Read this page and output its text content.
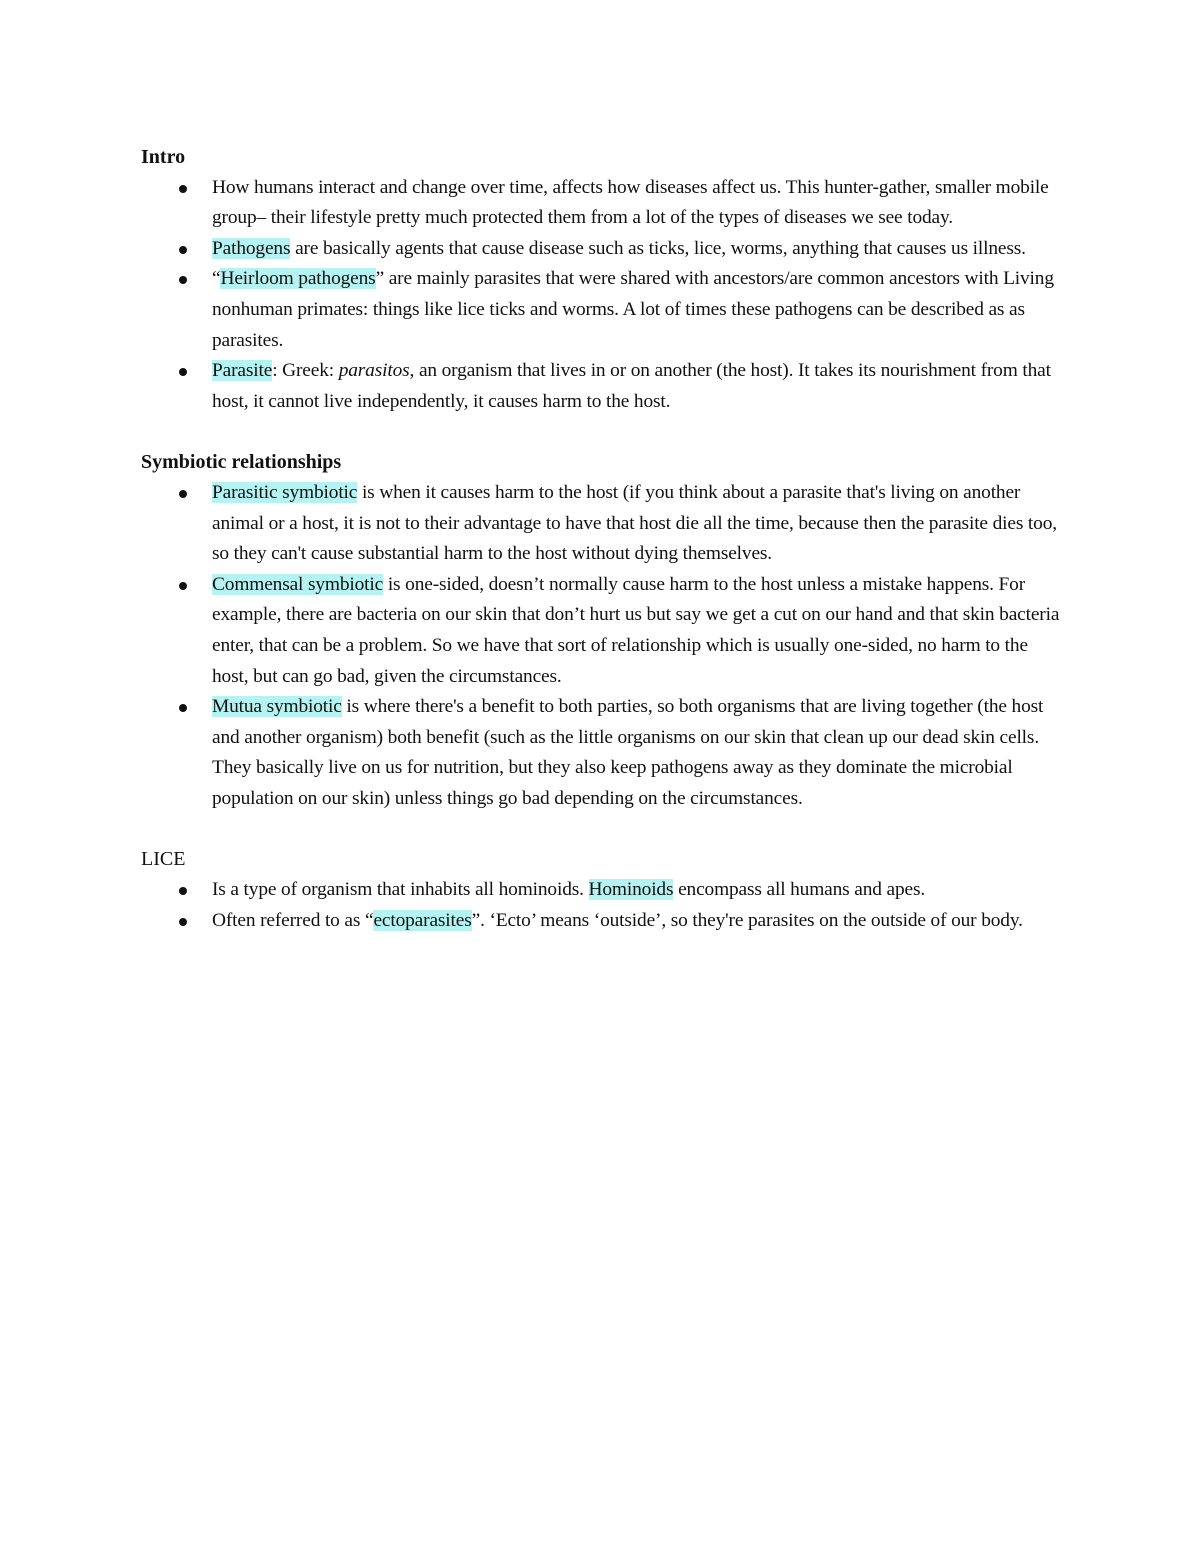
Intro

How humans interact and change over time, affects how diseases affect us. This hunter-gather, smaller mobile group– their lifestyle pretty much protected them from a lot of the types of diseases we see today.
Pathogens are basically agents that cause disease such as ticks, lice, worms, anything that causes us illness.
“Heirloom pathogens” are mainly parasites that were shared with ancestors/are common ancestors with Living nonhuman primates: things like lice ticks and worms. A lot of times these pathogens can be described as as parasites.
Parasite: Greek: parasitos, an organism that lives in or on another (the host). It takes its nourishment from that host, it cannot live independently, it causes harm to the host.

Symbiotic relationships

Parasitic symbiotic is when it causes harm to the host (if you think about a parasite that's living on another animal or a host, it is not to their advantage to have that host die all the time, because then the parasite dies too, so they can't cause substantial harm to the host without dying themselves.
Commensal symbiotic is one-sided, doesn’t normally cause harm to the host unless a mistake happens. For example, there are bacteria on our skin that don’t hurt us but say we get a cut on our hand and that skin bacteria enter, that can be a problem. So we have that sort of relationship which is usually one-sided, no harm to the host, but can go bad, given the circumstances.
Mutua symbiotic is where there's a benefit to both parties, so both organisms that are living together (the host and another organism) both benefit (such as the little organisms on our skin that clean up our dead skin cells. They basically live on us for nutrition, but they also keep pathogens away as they dominate the microbial population on our skin) unless things go bad depending on the circumstances.

LICE

Is a type of organism that inhabits all hominoids. Hominoids encompass all humans and apes.
Often referred to as “ectoparasites”. ‘Ecto’ means ‘outside’, so they're parasites on the outside of our body.
